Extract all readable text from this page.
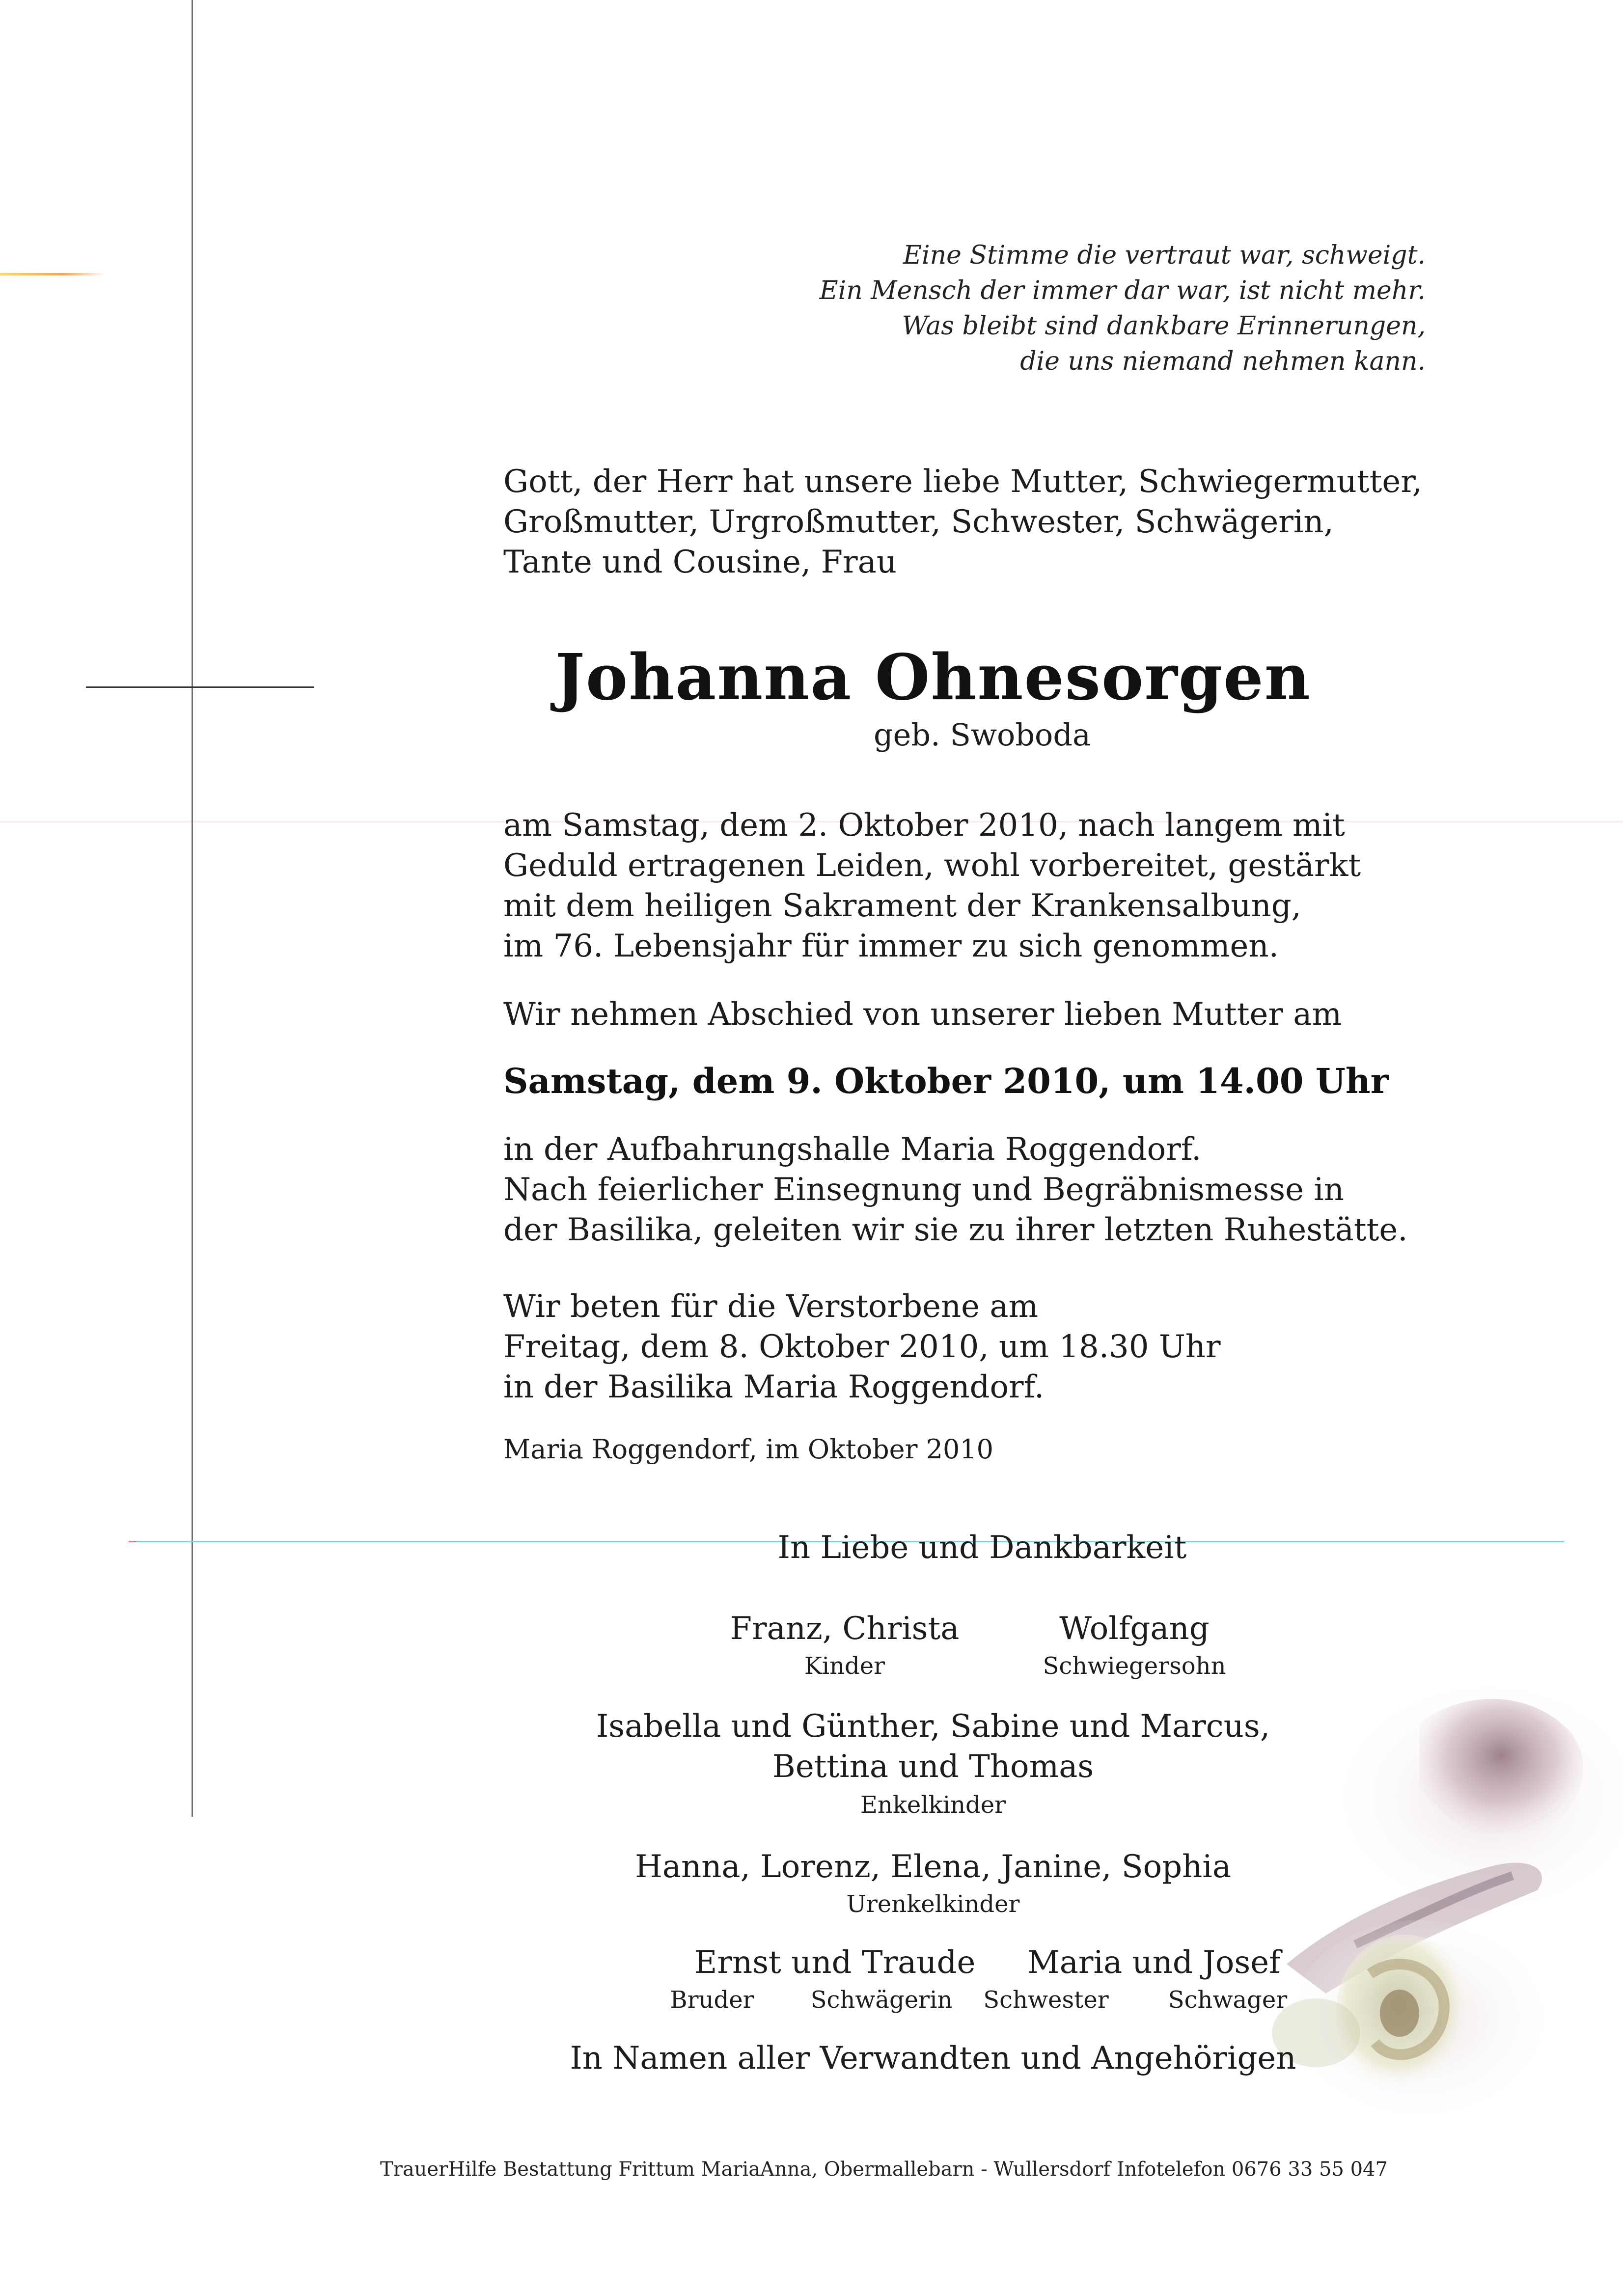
Eine Stimme die vertraut war, schweigt.
Ein Mensch der immer dar war, ist nicht mehr.
Was bleibt sind dankbare Erinnerungen,
die uns niemand nehmen kann.
Gott, der Herr hat unsere liebe Mutter, Schwiegermutter,
Großmutter, Urgroßmutter, Schwester, Schwägerin,
Tante und Cousine, Frau
Johanna Ohnesorgen
geb. Swoboda
am Samstag, dem 2. Oktober 2010, nach langem mit
Geduld ertragenen Leiden, wohl vorbereitet, gestärkt
mit dem heiligen Sakrament der Krankensalbung,
im 76. Lebensjahr für immer zu sich genommen.
Wir nehmen Abschied von unserer lieben Mutter am
Samstag, dem 9. Oktober 2010, um 14.00 Uhr
in der Aufbahrungshalle Maria Roggendorf.
Nach feierlicher Einsegnung und Begräbnismesse in
der Basilika, geleiten wir sie zu ihrer letzten Ruhestätte.
Wir beten für die Verstorbene am
Freitag, dem 8. Oktober 2010, um 18.30 Uhr
in der Basilika Maria Roggendorf.
Maria Roggendorf, im Oktober 2010
In Liebe und Dankbarkeit
Franz, Christa
Kinder
Wolfgang
Schwiegersohn
Isabella und Günther, Sabine und Marcus,
Bettina und Thomas
Enkelkinder
Hanna, Lorenz, Elena, Janine, Sophia
Urenkelkinder
Ernst und Traude	Maria und Josef
Bruder	Schwägerin	Schwester	Schwager
In Namen aller Verwandten und Angehörigen
TrauerHilfe Bestattung Frittum MariaAnna, Obermallebarn - Wullersdorf Infotelefon 0676 33 55 047
